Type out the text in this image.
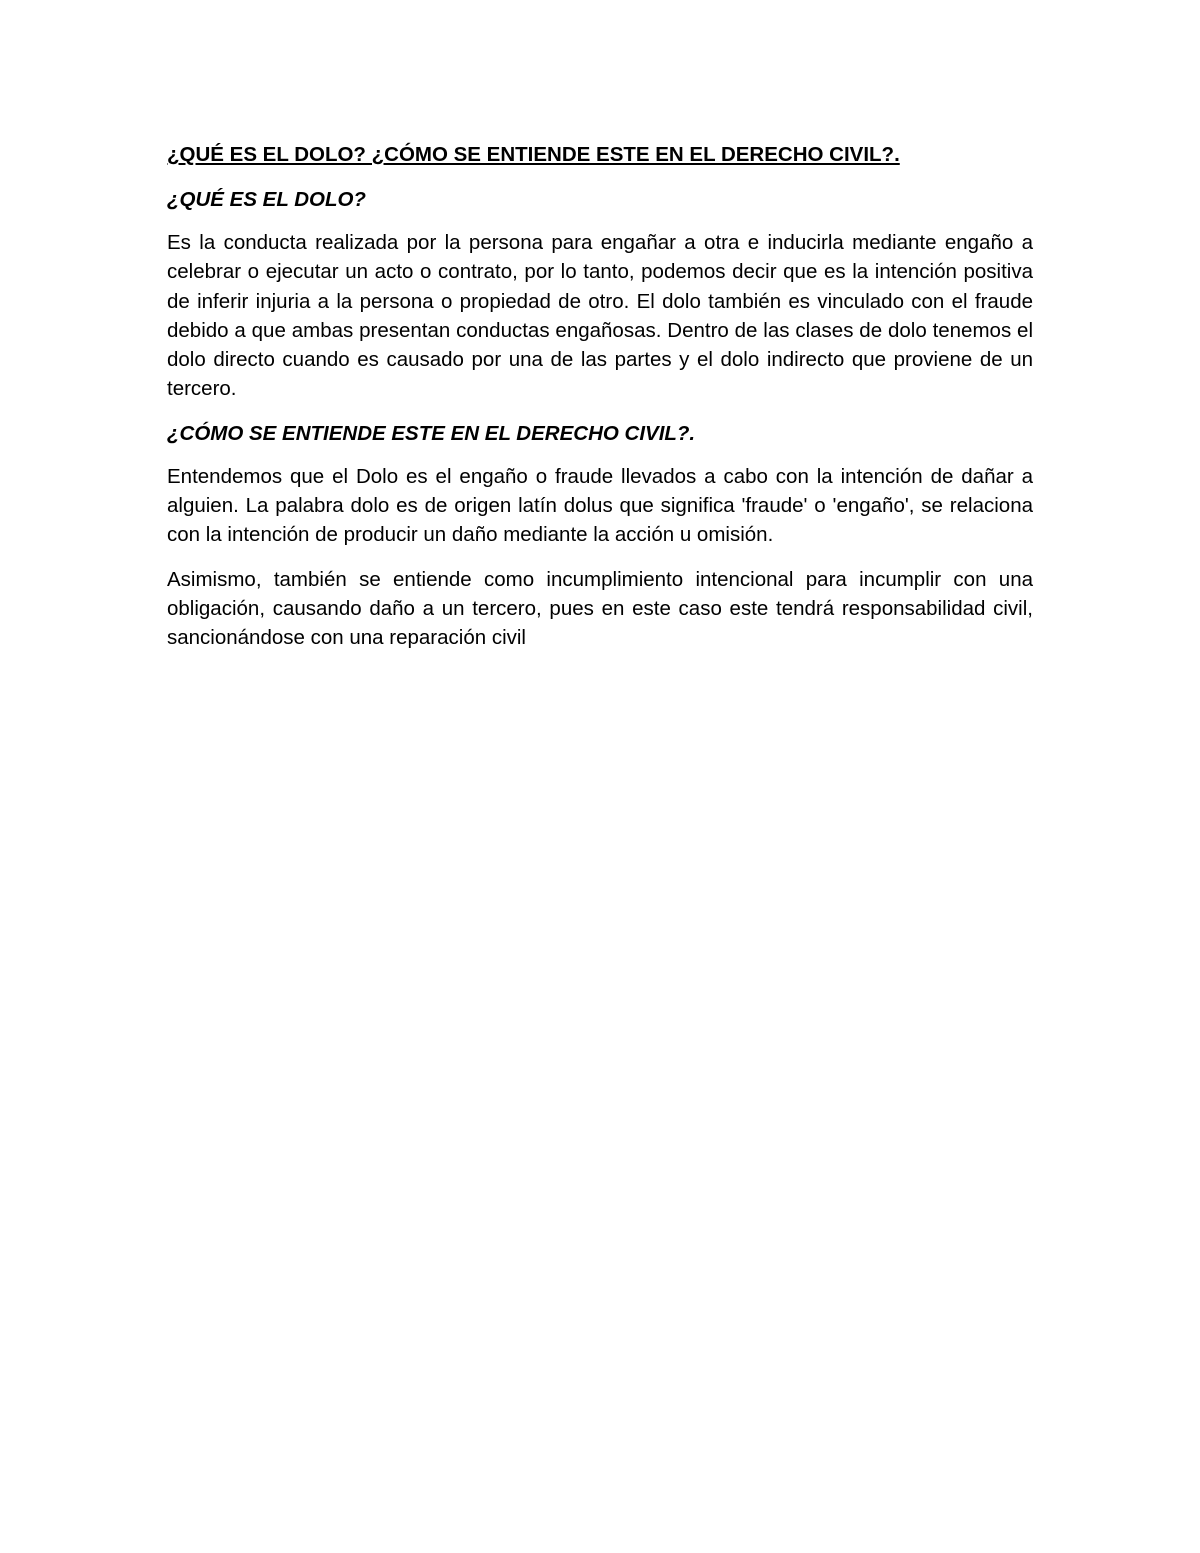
¿QUÉ ES EL DOLO? ¿CÓMO SE ENTIENDE ESTE EN EL DERECHO CIVIL?.
¿QUÉ ES EL DOLO?

Es la conducta realizada por la persona para engañar a otra e inducirla mediante engaño a celebrar o ejecutar un acto o contrato, por lo tanto, podemos decir que es la intención positiva de inferir injuria a la persona o propiedad de otro. El dolo también es vinculado con el fraude debido a que ambas presentan conductas engañosas. Dentro de las clases de dolo tenemos el dolo directo cuando es causado por una de las partes y el dolo indirecto que proviene de un tercero.

¿CÓMO SE ENTIENDE ESTE EN EL DERECHO CIVIL?.

Entendemos que el Dolo es el engaño o fraude llevados a cabo con la intención de dañar a alguien. La palabra dolo es de origen latín dolus que significa 'fraude' o 'engaño', se relaciona con la intención de producir un daño mediante la acción u omisión.

Asimismo, también se entiende como incumplimiento intencional para incumplir con una obligación, causando daño a un tercero, pues en este caso este tendrá responsabilidad civil, sancionándose con una reparación civil
